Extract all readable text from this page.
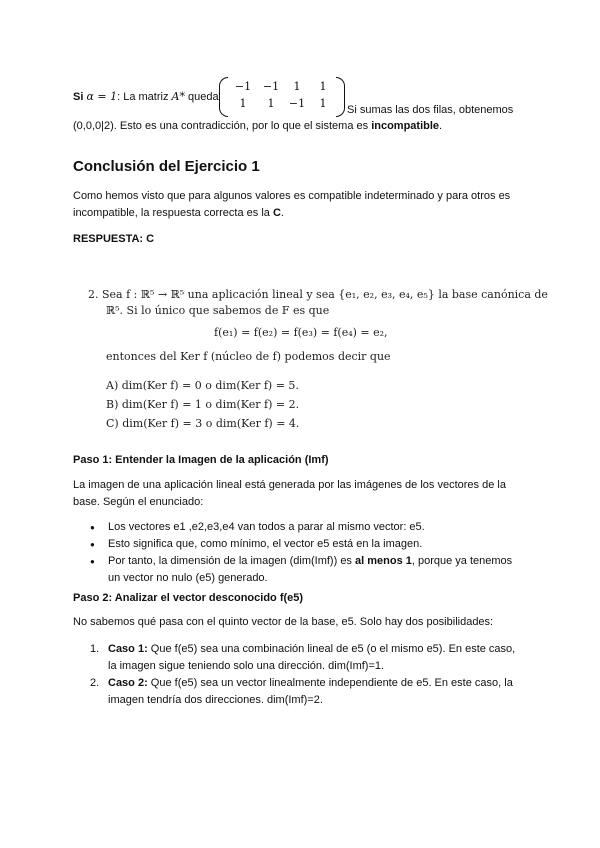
Si α = 1: La matriz A* queda
−1	−1	1	1
1	1	−1	1	Si sumas las dos filas, obtenemos
(0,0,0|2). Esto es una contradicción, por lo que el sistema es incompatible.
Conclusión del Ejercicio 1
Como hemos visto que para algunos valores es compatible indeterminado y para otros es
incompatible, la respuesta correcta es la C.
RESPUESTA: C
2. Sea f : ℝ⁵ → ℝ⁵ una aplicación lineal y sea {e₁, e₂, e₃, e₄, e₅} la base canónica de
ℝ⁵. Si lo único que sabemos de F es que
f(e₁) = f(e₂) = f(e₃) = f(e₄) = e₂,
entonces del Ker f (núcleo de f) podemos decir que
A) dim(Ker f) = 0 o dim(Ker f) = 5.
B) dim(Ker f) = 1 o dim(Ker f) = 2.
C) dim(Ker f) = 3 o dim(Ker f) = 4.
Paso 1: Entender la Imagen de la aplicación (Imf)
La imagen de una aplicación lineal está generada por las imágenes de los vectores de la
base. Según el enunciado:
● Los vectores e1 ,e2,e3,e4 van todos a parar al mismo vector: e5.
● Esto significa que, como mínimo, el vector e5 está en la imagen.
● Por tanto, la dimensión de la imagen (dim(Imf)) es al menos 1, porque ya tenemos
un vector no nulo (e5) generado.
Paso 2: Analizar el vector desconocido f(e5)
No sabemos qué pasa con el quinto vector de la base, e5. Solo hay dos posibilidades:
1. Caso 1: Que f(e5) sea una combinación lineal de e5 (o el mismo e5). En este caso,
la imagen sigue teniendo solo una dirección. dim(Imf)=1.
2. Caso 2: Que f(e5) sea un vector linealmente independiente de e5. En este caso, la
imagen tendría dos direcciones. dim(Imf)=2.
